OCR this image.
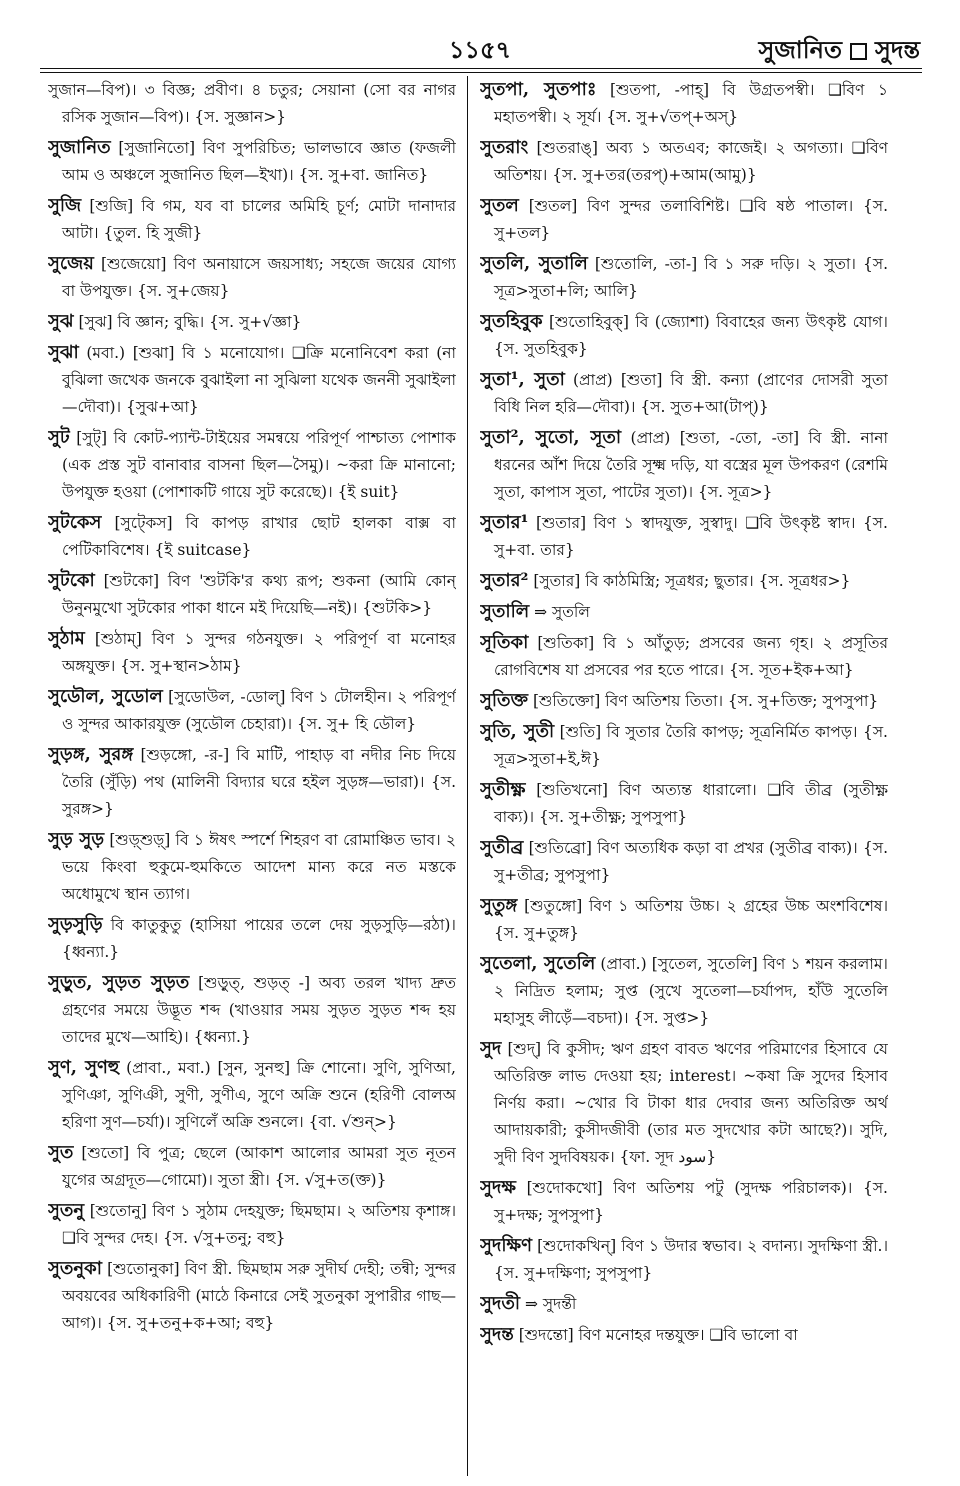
১১৫৭	সুজানিত সুদন্ত

সুজান—বিপ)। ৩ বিজ্ঞ; প্রবীণ। ৪ চতুর; সেয়ানা (সো বর নাগর রসিক সুজান—বিপ)। {স. সুজ্ঞান>}

সুজানিত [সুজানিতো] বিণ সুপরিচিত; ভালভাবে জ্ঞাত (ফজলী আম ও অঞ্চলে সুজানিত ছিল—ইখা)। {স. সু+বা. জানিত}

সুজি [শুজি] বি গম, যব বা চালের অমিহি চূর্ণ; মোটা দানাদার আটা। {তুল. হি সুজী}

সুজেয় [শুজেয়ো] বিণ অনায়াসে জয়সাধ্য; সহজে জয়ের যোগ্য বা উপযুক্ত। {স. সু+জেয়}

সুঝ [সুঝ] বি জ্ঞান; বুদ্ধি। {স. সু+√জ্ঞা}

সুঝা (মবা.) [শুঝা] বি ১ মনোযোগ। ❑ক্রি মনোনিবেশ করা (না বুঝিলা জখেক জনকে বুঝাইলা না সুঝিলা যথেক জননী সুঝাইলা—দৌবা)। {সুঝ+আ}

সুট [সুট্] বি কোট-প্যান্ট-টাইয়ের সমন্বয়ে পরিপূর্ণ পাশ্চাত্য পোশাক (এক প্রস্ত সুট বানাবার বাসনা ছিল—সৈমু)। ~করা ক্রি মানানো; উপযুক্ত হওয়া (পোশাকটি গায়ে সুট করেছে)। {ই suit}

সুটকেস [সুট্কেস] বি কাপড় রাখার ছোট হালকা বাক্স বা পেটিকাবিশেষ। {ই suitcase}

সুটকো [শুটকো] বিণ 'শুটকি'র কথ্য রূপ; শুকনা (আমি কোন্ উনুনমুখো সুটকোর পাকা ধানে মই দিয়েছি—নই)। {শুটকি>}

সুঠাম [শুঠাম্] বিণ ১ সুন্দর গঠনযুক্ত। ২ পরিপূর্ণ বা মনোহর অঙ্গযুক্ত। {স. সু+স্থান>ঠাম}

সুডৌল, সুডোল [সুডোউল, -ডোল্] বিণ ১ টোলহীন। ২ পরিপূর্ণ ও সুন্দর আকারযুক্ত (সুডৌল চেহারা)। {স. সু+ হি ডৌল}

সুড়ঙ্গ, সুরঙ্গ [শুড়ঙ্গো, -র-] বি মাটি, পাহাড় বা নদীর নিচ দিয়ে তৈরি (সুঁড়ি) পথ (মালিনী বিদ্যার ঘরে হইল সুড়ঙ্গ—ভারা)। {স. সুরঙ্গ>}

সুড় সুড় [শুড়্শুড়্] বি ১ ঈষৎ স্পর্শে শিহরণ বা রোমাঞ্চিত ভাব। ২ ভয়ে কিংবা হুকুমে-হুমকিতে আদেশ মান্য করে নত মস্তকে অধোমুখে স্থান ত্যাগ।

সুড়সুড়ি বি কাতুকুতু (হাসিয়া পায়ের তলে দেয় সুড়সুড়ি—রঠা)। {ধ্বন্যা.}

সুড়ুত, সুড়ত সুড়ত [শুড়ুত্, শুড়ত্ -] অব্য তরল খাদ্য দ্রুত গ্রহণের সময়ে উদ্ভূত শব্দ (খাওয়ার সময় সুড়ত সুড়ত শব্দ হয় তাদের মুখে—আহি)। {ধ্বন্যা.}

সুণ, সুণহু (প্রাবা., মবা.) [সুন, সুনহু] ক্রি শোনো। সুণি, সুণিআ, সুণিঞা, সুণিঞী, সুণী, সুণীএ, সুণে অক্রি শুনে (হরিণী বোলঅ হরিণা সুণ—চর্যা)। সুণিলেঁ অক্রি শুনলে। {বা. √শুন্>}

সুত [শুতো] বি পুত্র; ছেলে (আকাশ আলোর আমরা সুত নূতন যুগের অগ্রদূত—গোমো)। সুতা স্ত্রী। {স. √সু+ত(ক্ত)}

সুতনু [শুতোনু] বিণ ১ সুঠাম দেহযুক্ত; ছিমছাম। ২ অতিশয় কৃশাঙ্গ। ❑বি সুন্দর দেহ। {স. √সু+তনু; বহু}

সুতনুকা [শুতোনুকা] বিণ স্ত্রী. ছিমছাম সরু সুদীর্ঘ দেহী; তন্বী; সুন্দর অবয়বের অধিকারিণী (মাঠে কিনারে সেই সুতনুকা সুপারীর গাছ—আগ)। {স. সু+তনু+ক+আ; বহু}

সুতপা, সুতপাঃ [শুতপা, -পাহ্] বি উগ্রতপস্বী। ❑বিণ ১ মহাতপস্বী। ২ সূর্য। {স. সু+√তপ্+অস্}

সুতরাং [শুতরাঙ্] অব্য ১ অতএব; কাজেই। ২ অগত্যা। ❑বিণ অতিশয়। {স. সু+তর(তরপ্)+আম(আমু)}

সুতল [শুতল] বিণ সুন্দর তলাবিশিষ্ট। ❑বি ষষ্ঠ পাতাল। {স. সু+তল}

সুতলি, সুতালি [শুতোলি, -তা-] বি ১ সরু দড়ি। ২ সুতা। {স. সূত্র>সুতা+লি; আলি}

সুতহিবুক [শুতোহিবুক্] বি (জ্যোশা) বিবাহের জন্য উৎকৃষ্ট যোগ। {স. সুতহিবুক}

সুতা¹, সুতা (প্রাপ্র) [শুতা] বি স্ত্রী. কন্যা (প্রাণের দোসরী সুতা বিধি নিল হরি—দৌবা)। {স. সুত+আ(টাপ্)}

সুতা², সুতো, সূতা (প্রাপ্র) [শুতা, -তো, -তা] বি স্ত্রী. নানা ধরনের আঁশ দিয়ে তৈরি সূক্ষ্ম দড়ি, যা বস্ত্রের মূল উপকরণ (রেশমি সুতা, কাপাস সুতা, পাটের সুতা)। {স. সূত্র>}

সুতার¹ [শুতার] বিণ ১ স্বাদযুক্ত, সুস্বাদু। ❑বি উৎকৃষ্ট স্বাদ। {স. সু+বা. তার}

সুতার² [সুতার] বি কাঠমিস্ত্রি; সূত্রধর; ছুতার। {স. সূত্রধর>}

সুতালি ⇒ সুতলি

সূতিকা [শুতিকা] বি ১ আঁতুড়; প্রসবের জন্য গৃহ। ২ প্রসূতির রোগবিশেষ যা প্রসবের পর হতে পারে। {স. সূত+ইক+আ}

সুতিক্ত [শুতিক্তো] বিণ অতিশয় তিতা। {স. সু+তিক্ত; সুপসুপা}

সুতি, সুতী [শুতি] বি সুতার তৈরি কাপড়; সূত্রনির্মিত কাপড়। {স. সূত্র>সুতা+ই,ঈ}

সুতীক্ষ্ণ [শুতিখনো] বিণ অত্যন্ত ধারালো। ❑বি তীব্র (সুতীক্ষ্ণ বাক্য)। {স. সু+তীক্ষ্ণ; সুপসুপা}

সুতীব্র [শুতিব্রো] বিণ অত্যধিক কড়া বা প্রখর (সুতীব্র বাক্য)। {স. সু+তীব্র; সুপসুপা}

সুতুঙ্গ [শুতুঙ্গো] বিণ ১ অতিশয় উচ্চ। ২ গ্রহের উচ্চ অংশবিশেষ। {স. সু+তুঙ্গ}

সুতেলা, সুতেলি (প্রাবা.) [সুতেল, সুতেলি] বিণ ১ শয়ন করলাম। ২ নিদ্রিত হলাম; সুপ্ত (সুখে সুতেলা—চর্যাপদ, হাঁউ সুতেলি মহাসুহ লীড়েঁ—বচদা)। {স. সুপ্ত>}

সুদ [শুদ্] বি কুসীদ; ঋণ গ্রহণ বাবত ঋণের পরিমাণের হিসাবে যে অতিরিক্ত লাভ দেওয়া হয়; interest। ~কষা ক্রি সুদের হিসাব নির্ণয় করা। ~খোর বি টাকা ধার দেবার জন্য অতিরিক্ত অর্থ আদায়কারী; কুসীদজীবী (তার মত সুদখোর কটা আছে?)। সুদি, সুদী বিণ সুদবিষয়ক। {ফা. সূদ سود}

সুদক্ষ [শুদোকখো] বিণ অতিশয় পটু (সুদক্ষ পরিচালক)। {স. সু+দক্ষ; সুপসুপা}

সুদক্ষিণ [শুদোকখিন্] বিণ ১ উদার স্বভাব। ২ বদান্য। সুদক্ষিণা স্ত্রী.। {স. সু+দক্ষিণা; সুপসুপা}

সুদতী ⇒ সুদন্তী

সুদন্ত [শুদন্তো] বিণ মনোহর দন্তযুক্ত। ❑বি ভালো বা
